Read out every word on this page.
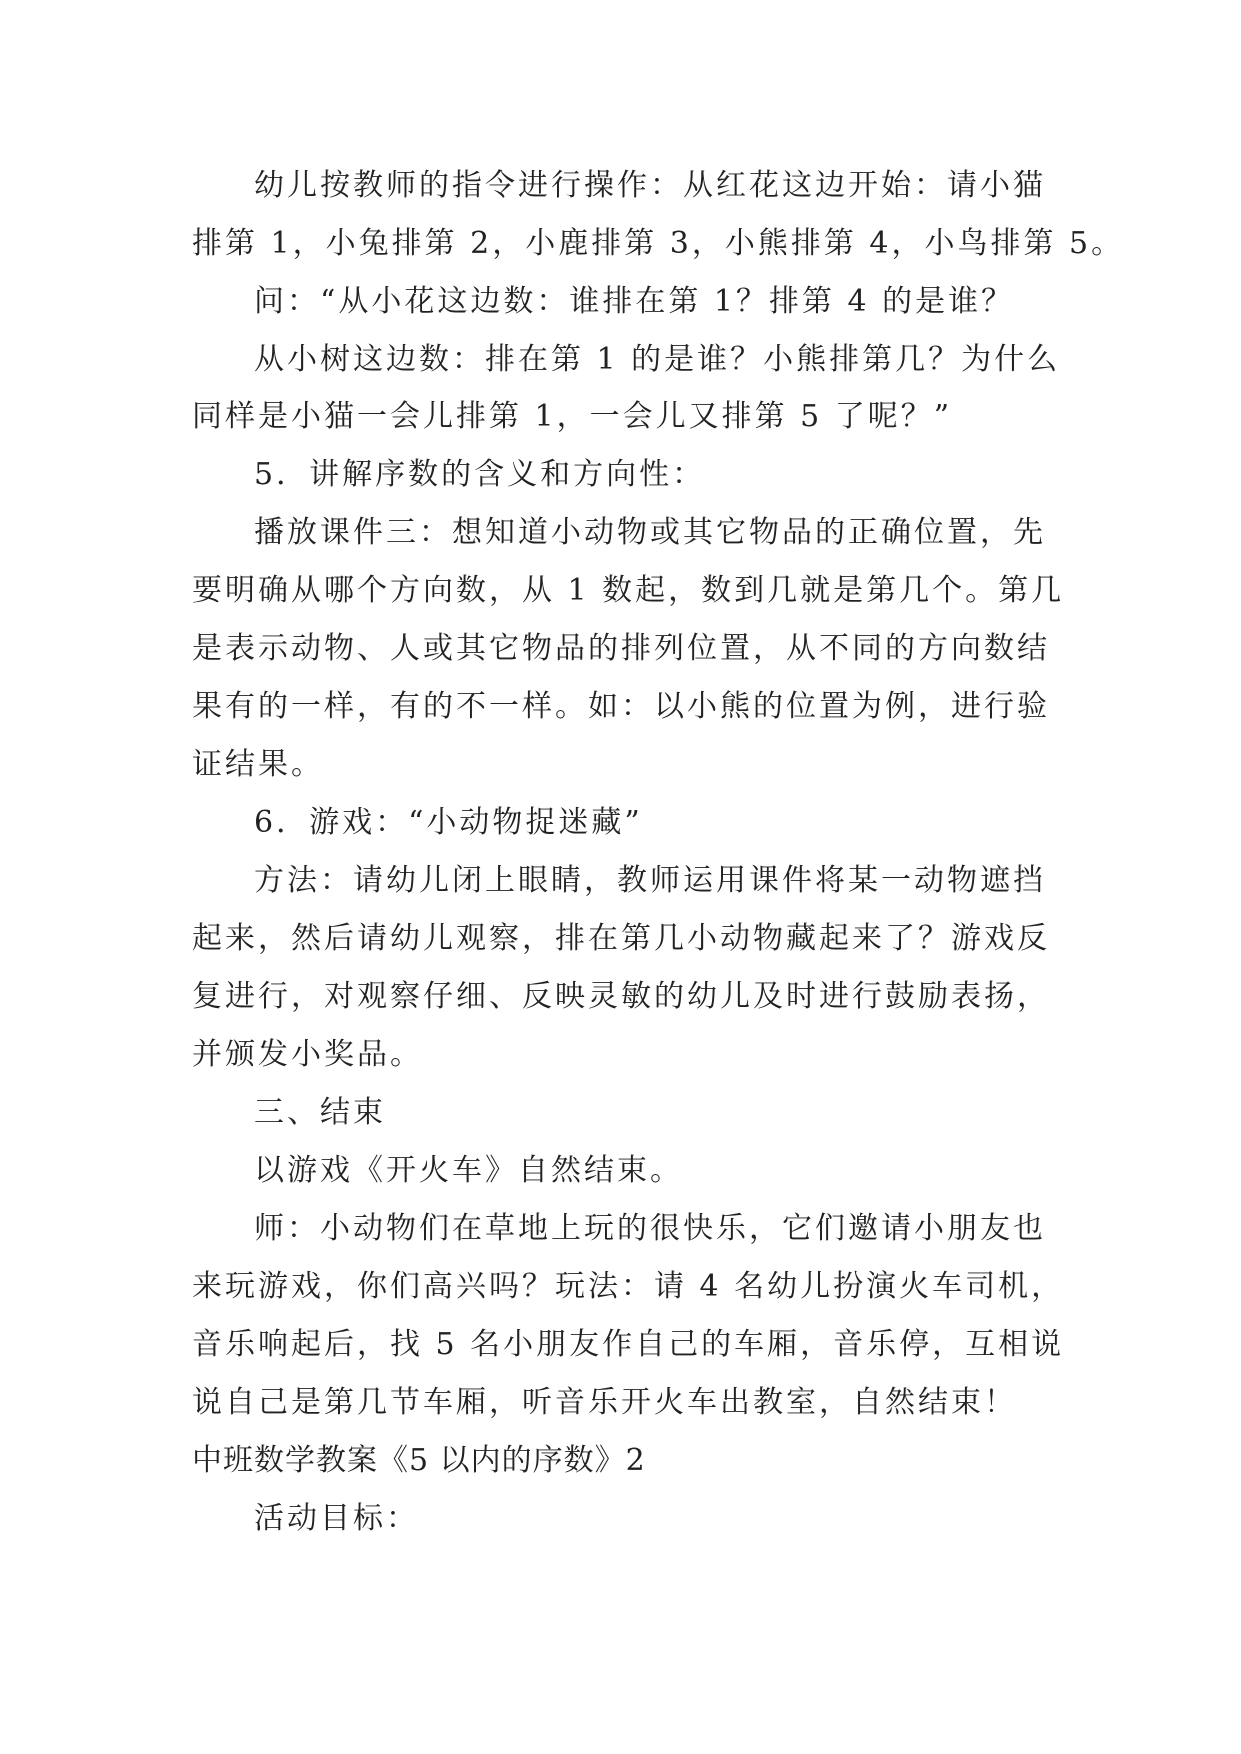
幼儿按教师的指令进行操作：从红花这边开始：请小猫
排第 1，小兔排第 2，小鹿排第 3，小熊排第 4，小鸟排第 5。
问：“从小花这边数：谁排在第 1？排第 4 的是谁？
从小树这边数：排在第 1 的是谁？小熊排第几？为什么
同样是小猫一会儿排第 1，一会儿又排第 5 了呢？”
5．讲解序数的含义和方向性：
播放课件三：想知道小动物或其它物品的正确位置，先
要明确从哪个方向数，从 1 数起，数到几就是第几个。第几
是表示动物、人或其它物品的排列位置，从不同的方向数结
果有的一样，有的不一样。如：以小熊的位置为例，进行验
证结果。
6．游戏：“小动物捉迷藏”
方法：请幼儿闭上眼睛，教师运用课件将某一动物遮挡
起来，然后请幼儿观察，排在第几小动物藏起来了？游戏反
复进行，对观察仔细、反映灵敏的幼儿及时进行鼓励表扬，
并颁发小奖品。
三、结束
以游戏《开火车》自然结束。
师：小动物们在草地上玩的很快乐，它们邀请小朋友也
来玩游戏，你们高兴吗？玩法：请 4 名幼儿扮演火车司机，
音乐响起后，找 5 名小朋友作自己的车厢，音乐停，互相说
说自己是第几节车厢，听音乐开火车出教室，自然结束！
中班数学教案《5 以内的序数》2
活动目标：
